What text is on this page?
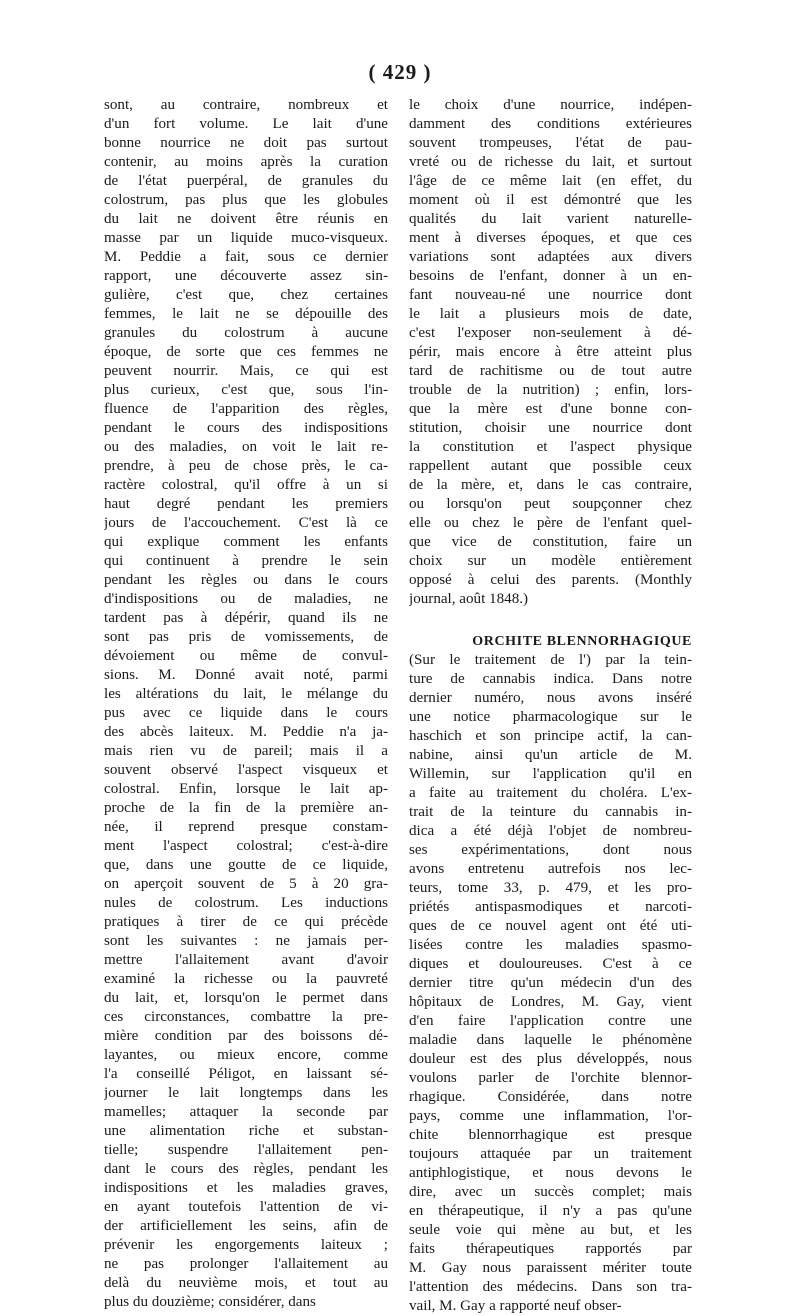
( 429 )
sont, au contraire, nombreux et
d'un fort volume. Le lait d'une
bonne nourrice ne doit pas surtout
contenir, au moins après la curation
de l'état puerpéral, de granules du
colostrum, pas plus que les globules
du lait ne doivent être réunis en
masse par un liquide muco-visqueux.
M. Peddie a fait, sous ce dernier
rapport, une découverte assez sin-
gulière, c'est que, chez certaines
femmes, le lait ne se dépouille des
granules du colostrum à aucune
époque, de sorte que ces femmes ne
peuvent nourrir. Mais, ce qui est
plus curieux, c'est que, sous l'in-
fluence de l'apparition des règles,
pendant le cours des indispositions
ou des maladies, on voit le lait re-
prendre, à peu de chose près, le ca-
ractère colostral, qu'il offre à un si
haut degré pendant les premiers
jours de l'accouchement. C'est là ce
qui explique comment les enfants
qui continuent à prendre le sein
pendant les règles ou dans le cours
d'indispositions ou de maladies, ne
tardent pas à dépérir, quand ils ne
sont pas pris de vomissements, de
dévoiement ou même de convul-
sions. M. Donné avait noté, parmi
les altérations du lait, le mélange du
pus avec ce liquide dans le cours
des abcès laiteux. M. Peddie n'a ja-
mais rien vu de pareil; mais il a
souvent observé l'aspect visqueux et
colostral. Enfin, lorsque le lait ap-
proche de la fin de la première an-
née, il reprend presque constam-
ment l'aspect colostral; c'est-à-dire
que, dans une goutte de ce liquide,
on aperçoit souvent de 5 à 20 gra-
nules de colostrum. Les inductions
pratiques à tirer de ce qui précède
sont les suivantes : ne jamais per-
mettre l'allaitement avant d'avoir
examiné la richesse ou la pauvreté
du lait, et, lorsqu'on le permet dans
ces circonstances, combattre la pre-
mière condition par des boissons dé-
layantes, ou mieux encore, comme
l'a conseillé Péligot, en laissant sé-
journer le lait longtemps dans les
mamelles; attaquer la seconde par
une alimentation riche et substan-
tielle; suspendre l'allaitement pen-
dant le cours des règles, pendant les
indispositions et les maladies graves,
en ayant toutefois l'attention de vi-
der artificiellement les seins, afin de
prévenir les engorgements laiteux ;
ne pas prolonger l'allaitement au
delà du neuvième mois, et tout au
plus du douzième; considérer, dans
le choix d'une nourrice, indépen-
damment des conditions extérieures
souvent trompeuses, l'état de pau-
vreté ou de richesse du lait, et surtout
l'âge de ce même lait (en effet, du
moment où il est démontré que les
qualités du lait varient naturelle-
ment à diverses époques, et que ces
variations sont adaptées aux divers
besoins de l'enfant, donner à un en-
fant nouveau-né une nourrice dont
le lait a plusieurs mois de date,
c'est l'exposer non-seulement à dé-
périr, mais encore à être atteint plus
tard de rachitisme ou de tout autre
trouble de la nutrition) ; enfin, lors-
que la mère est d'une bonne con-
stitution, choisir une nourrice dont
la constitution et l'aspect physique
rappellent autant que possible ceux
de la mère, et, dans le cas contraire,
ou lorsqu'on peut soupçonner chez
elle ou chez le père de l'enfant quel-
que vice de constitution, faire un
choix sur un modèle entièrement
opposé à celui des parents. (Monthly
journal, août 1848.)
ORCHITE BLENNORHAGIQUE
(Sur le traitement de l') par la tein-
ture de cannabis indica. Dans notre
dernier numéro, nous avons inséré
une notice pharmacologique sur le
haschich et son principe actif, la can-
nabine, ainsi qu'un article de M.
Willemin, sur l'application qu'il en
a faite au traitement du choléra. L'ex-
trait de la teinture du cannabis in-
dica a été déjà l'objet de nombreu-
ses expérimentations, dont nous
avons entretenu autrefois nos lec-
teurs, tome 33, p. 479, et les pro-
priétés antispasmodiques et narcoti-
ques de ce nouvel agent ont été uti-
lisées contre les maladies spasmo-
diques et douloureuses. C'est à ce
dernier titre qu'un médecin d'un des
hôpitaux de Londres, M. Gay, vient
d'en faire l'application contre une
maladie dans laquelle le phénomène
douleur est des plus développés, nous
voulons parler de l'orchite blennor-
rhagique. Considérée, dans notre
pays, comme une inflammation, l'or-
chite blennorrhagique est presque
toujours attaquée par un traitement
antiphlogistique, et nous devons le
dire, avec un succès complet; mais
en thérapeutique, il n'y a pas qu'une
seule voie qui mène au but, et les
faits thérapeutiques rapportés par
M. Gay nous paraissent mériter toute
l'attention des médecins. Dans son tra-
vail, M. Gay a rapporté neuf obser-
